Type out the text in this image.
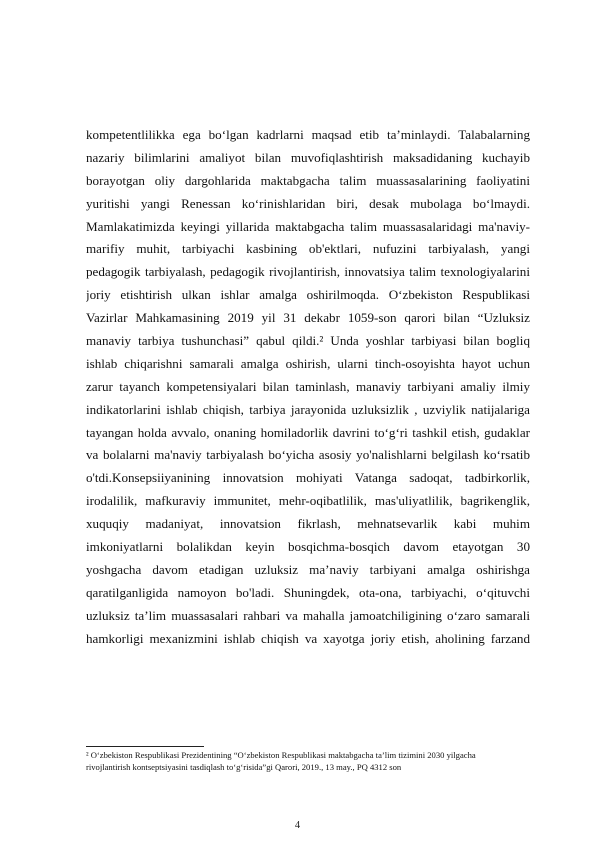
kompetentlilikka ega boʻlgan kadrlarni maqsad etib taʼminlaydi. Talabalarning
nazariy bilimlarini amaliyot bilan muvofiqlashtirish maksadidaning kuchayib
borayotgan oliy dargohlarida maktabgacha talim muassasalarining faoliyatini
yuritishi yangi Renessan koʻrinishlaridan biri, desak mubolaga boʻlmaydi.
Mamlakatimizda keyingi yillarida maktabgacha talim muassasalaridagi ma'naviy-
marifiy muhit, tarbiyachi kasbining ob'ektlari, nufuzini tarbiyalash, yangi
pedagogik tarbiyalash, pedagogik rivojlantirish, innovatsiya talim texnologiyalarini
joriy etishtirish ulkan ishlar amalga oshirilmoqda. Oʻzbekiston Respublikasi
Vazirlar Mahkamasining 2019 yil 31 dekabr 1059-son qarori bilan “Uzluksiz
manaviy tarbiya tushunchasi” qabul qildi.² Unda yoshlar tarbiyasi bilan bogliq
ishlab chiqarishni samarali amalga oshirish, ularni tinch-osoyishta hayot uchun
zarur tayanch kompetensiyalari bilan taminlash, manaviy tarbiyani amaliy ilmiy
indikatorlarini ishlab chiqish, tarbiya jarayonida uzluksizlik , uzviylik natijalariga
tayangan holda avvalo, onaning homiladorlik davrini toʻgʻri tashkil etish, gudaklar
va bolalarni ma'naviy tarbiyalash boʻyicha asosiy yo'nalishlarni belgilash koʻrsatib
o'tdi.Konsepsiiyanining innovatsion mohiyati Vatanga sadoqat, tadbirkorlik,
irodalilik, mafkuraviy immunitet, mehr-oqibatlilik, mas'uliyatlilik, bagrikenglik,
xuquqiy madaniyat, innovatsion fikrlash, mehnatsevarlik kabi muhim
imkoniyatlarni bolalikdan keyin bosqichma-bosqich davom etayotgan 30
yoshgacha davom etadigan uzluksiz maʼnaviy tarbiyani amalga oshirishga
qaratilganligida namoyon bo'ladi. Shuningdek, ota-ona, tarbiyachi, oʻqituvchi
uzluksiz taʼlim muassasalari rahbari va mahalla jamoatchiligining oʻzaro samarali
hamkorligi mexanizmini ishlab chiqish va xayotga joriy etish, aholining farzand
² Oʻzbekiston Respublikasi Prezidentining “Oʻzbekiston Respublikasi maktabgacha taʼlim tizimini 2030 yilgacha
rivojlantirish kontseptsiyasini tasdiqlash toʻgʻrisida”gi Qarori, 2019., 13 may., PQ 4312 son
4
